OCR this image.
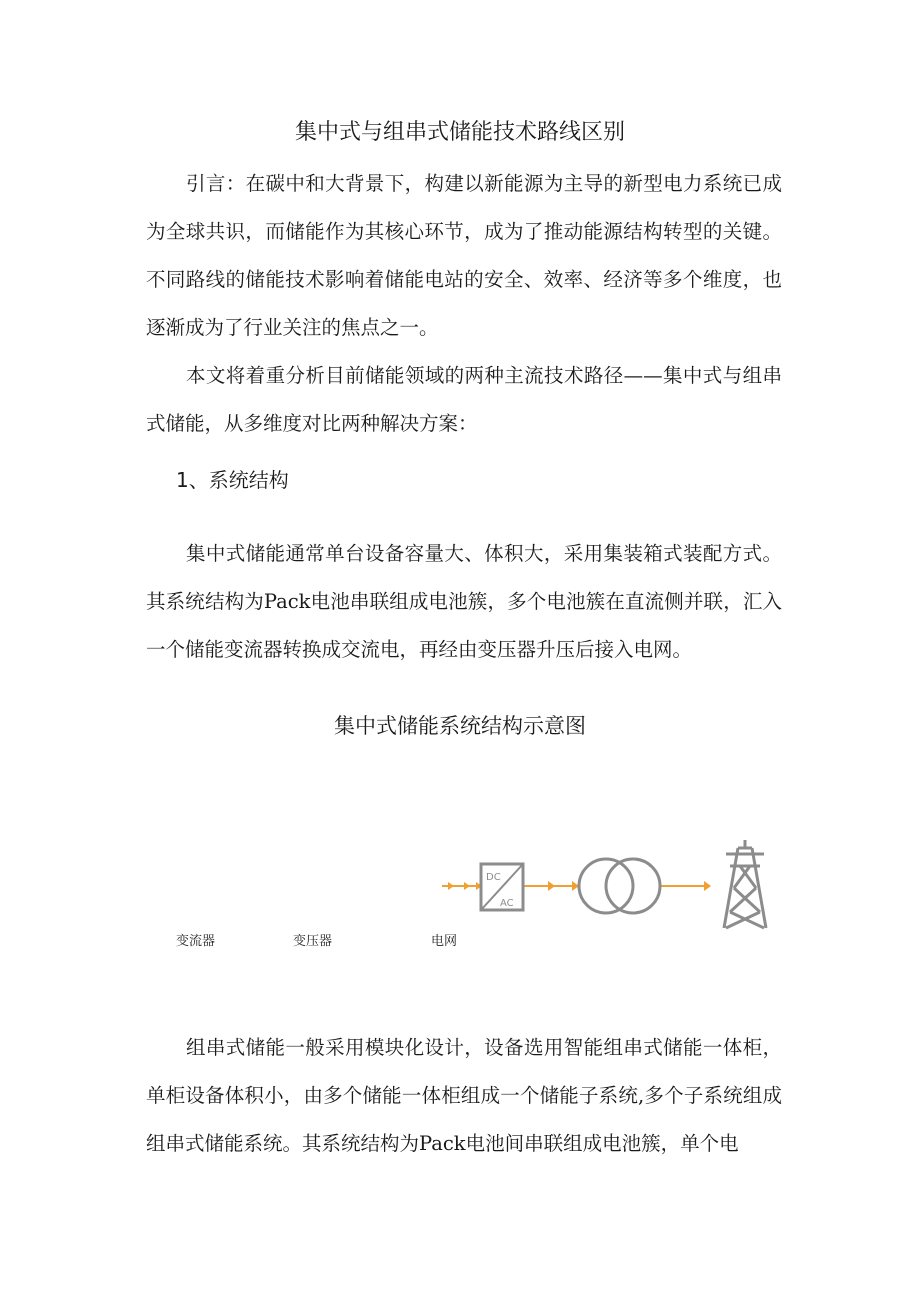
集中式与组串式储能技术路线区别

引言：在碳中和大背景下，构建以新能源为主导的新型电力系统已成为全球共识，而储能作为其核心环节，成为了推动能源结构转型的关键。不同路线的储能技术影响着储能电站的安全、效率、经济等多个维度，也逐渐成为了行业关注的焦点之一。

本文将着重分析目前储能领域的两种主流技术路径——集中式与组串式储能，从多维度对比两种解决方案：

1、系统结构

集中式储能通常单台设备容量大、体积大，采用集装箱式装配方式。其系统结构为Pack电池串联组成电池簇，多个电池簇在直流侧并联，汇入一个储能变流器转换成交流电，再经由变压器升压后接入电网。

集中式储能系统结构示意图
DC
AC
变流器	变压器	电网

组串式储能一般采用模块化设计，设备选用智能组串式储能一体柜，单柜设备体积小，由多个储能一体柜组成一个储能子系统,多个子系统组成组串式储能系统。其系统结构为Pack电池间串联组成电池簇，单个电
